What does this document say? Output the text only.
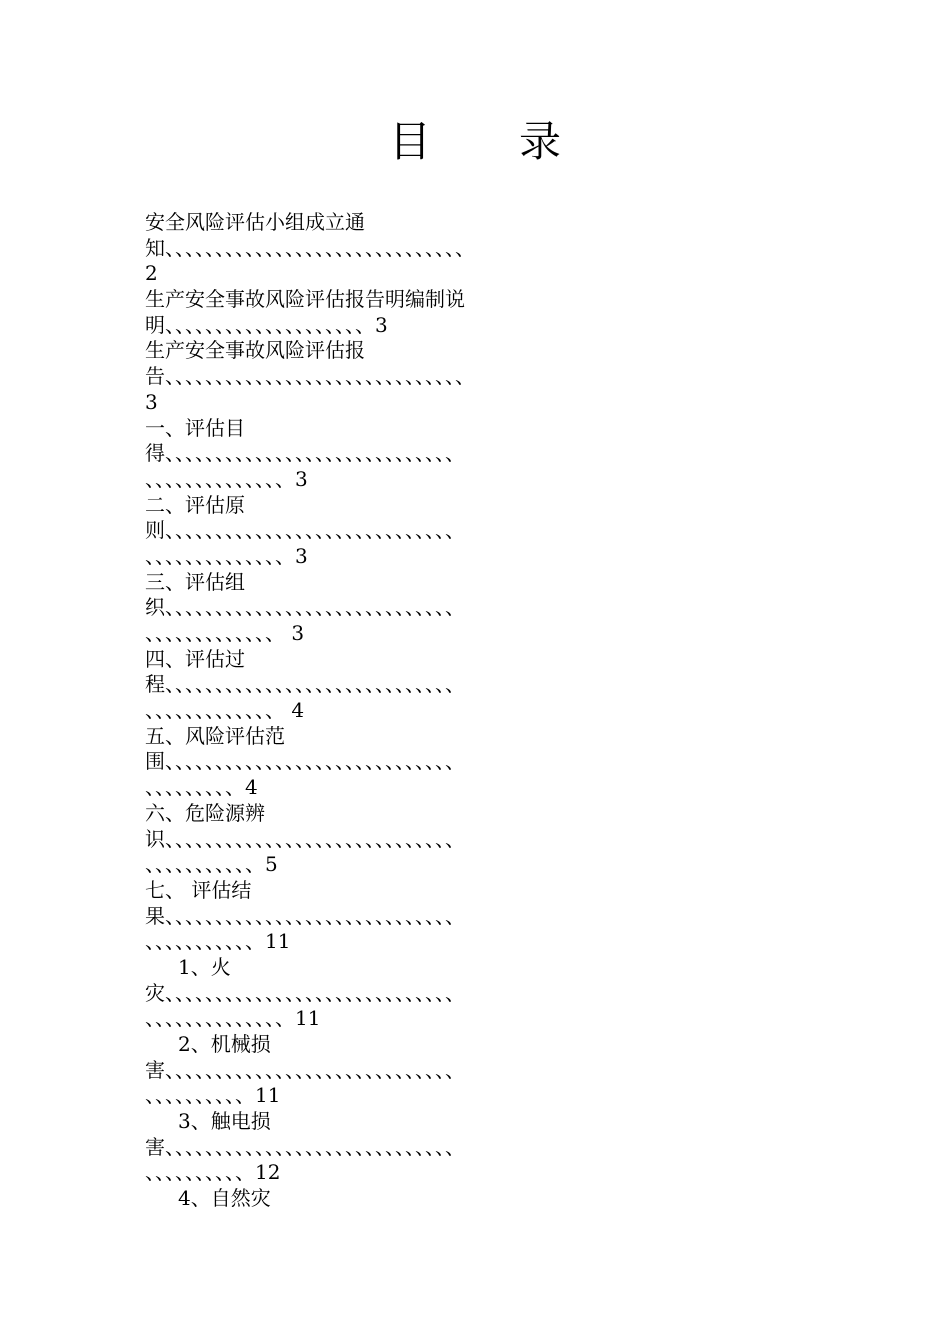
目 录
安全风险评估小组成立通
知、、、、、、、、、、、、、、、、、、、、、、、、、、、、、、
2
生产安全事故风险评估报告明编制说
明、、、、、、、、、、、、、、、、、、、、3
生产安全事故风险评估报
告、、、、、、、、、、、、、、、、、、、、、、、、、、、、、、
3
一、评估目
得、、、、、、、、、、、、、、、、、、、、、、、、、、、、、
、、、、、、、、、、、、、、3
二、评估原
则、、、、、、、、、、、、、、、、、、、、、、、、、、、、、
、、、、、、、、、、、、、、3
三、评估组
织、、、、、、、、、、、、、、、、、、、、、、、、、、、、、
、、、、、、、、、、、、、 3
四、评估过
程、、、、、、、、、、、、、、、、、、、、、、、、、、、、、
、、、、、、、、、、、、、 4
五、风险评估范
围、、、、、、、、、、、、、、、、、、、、、、、、、、、、、
、、、、、、、、、4
六、危险源辨
识、、、、、、、、、、、、、、、、、、、、、、、、、、、、、
、、、、、、、、、、、5
七、 评估结
果、、、、、、、、、、、、、、、、、、、、、、、、、、、、、
、、、、、、、、、、、11
1、火
灾、、、、、、、、、、、、、、、、、、、、、、、、、、、、、
、、、、、、、、、、、、、、11
2、机械损
害、、、、、、、、、、、、、、、、、、、、、、、、、、、、、
、、、、、、、、、、11
3、触电损
害、、、、、、、、、、、、、、、、、、、、、、、、、、、、、
、、、、、、、、、、12
4、自然灾
